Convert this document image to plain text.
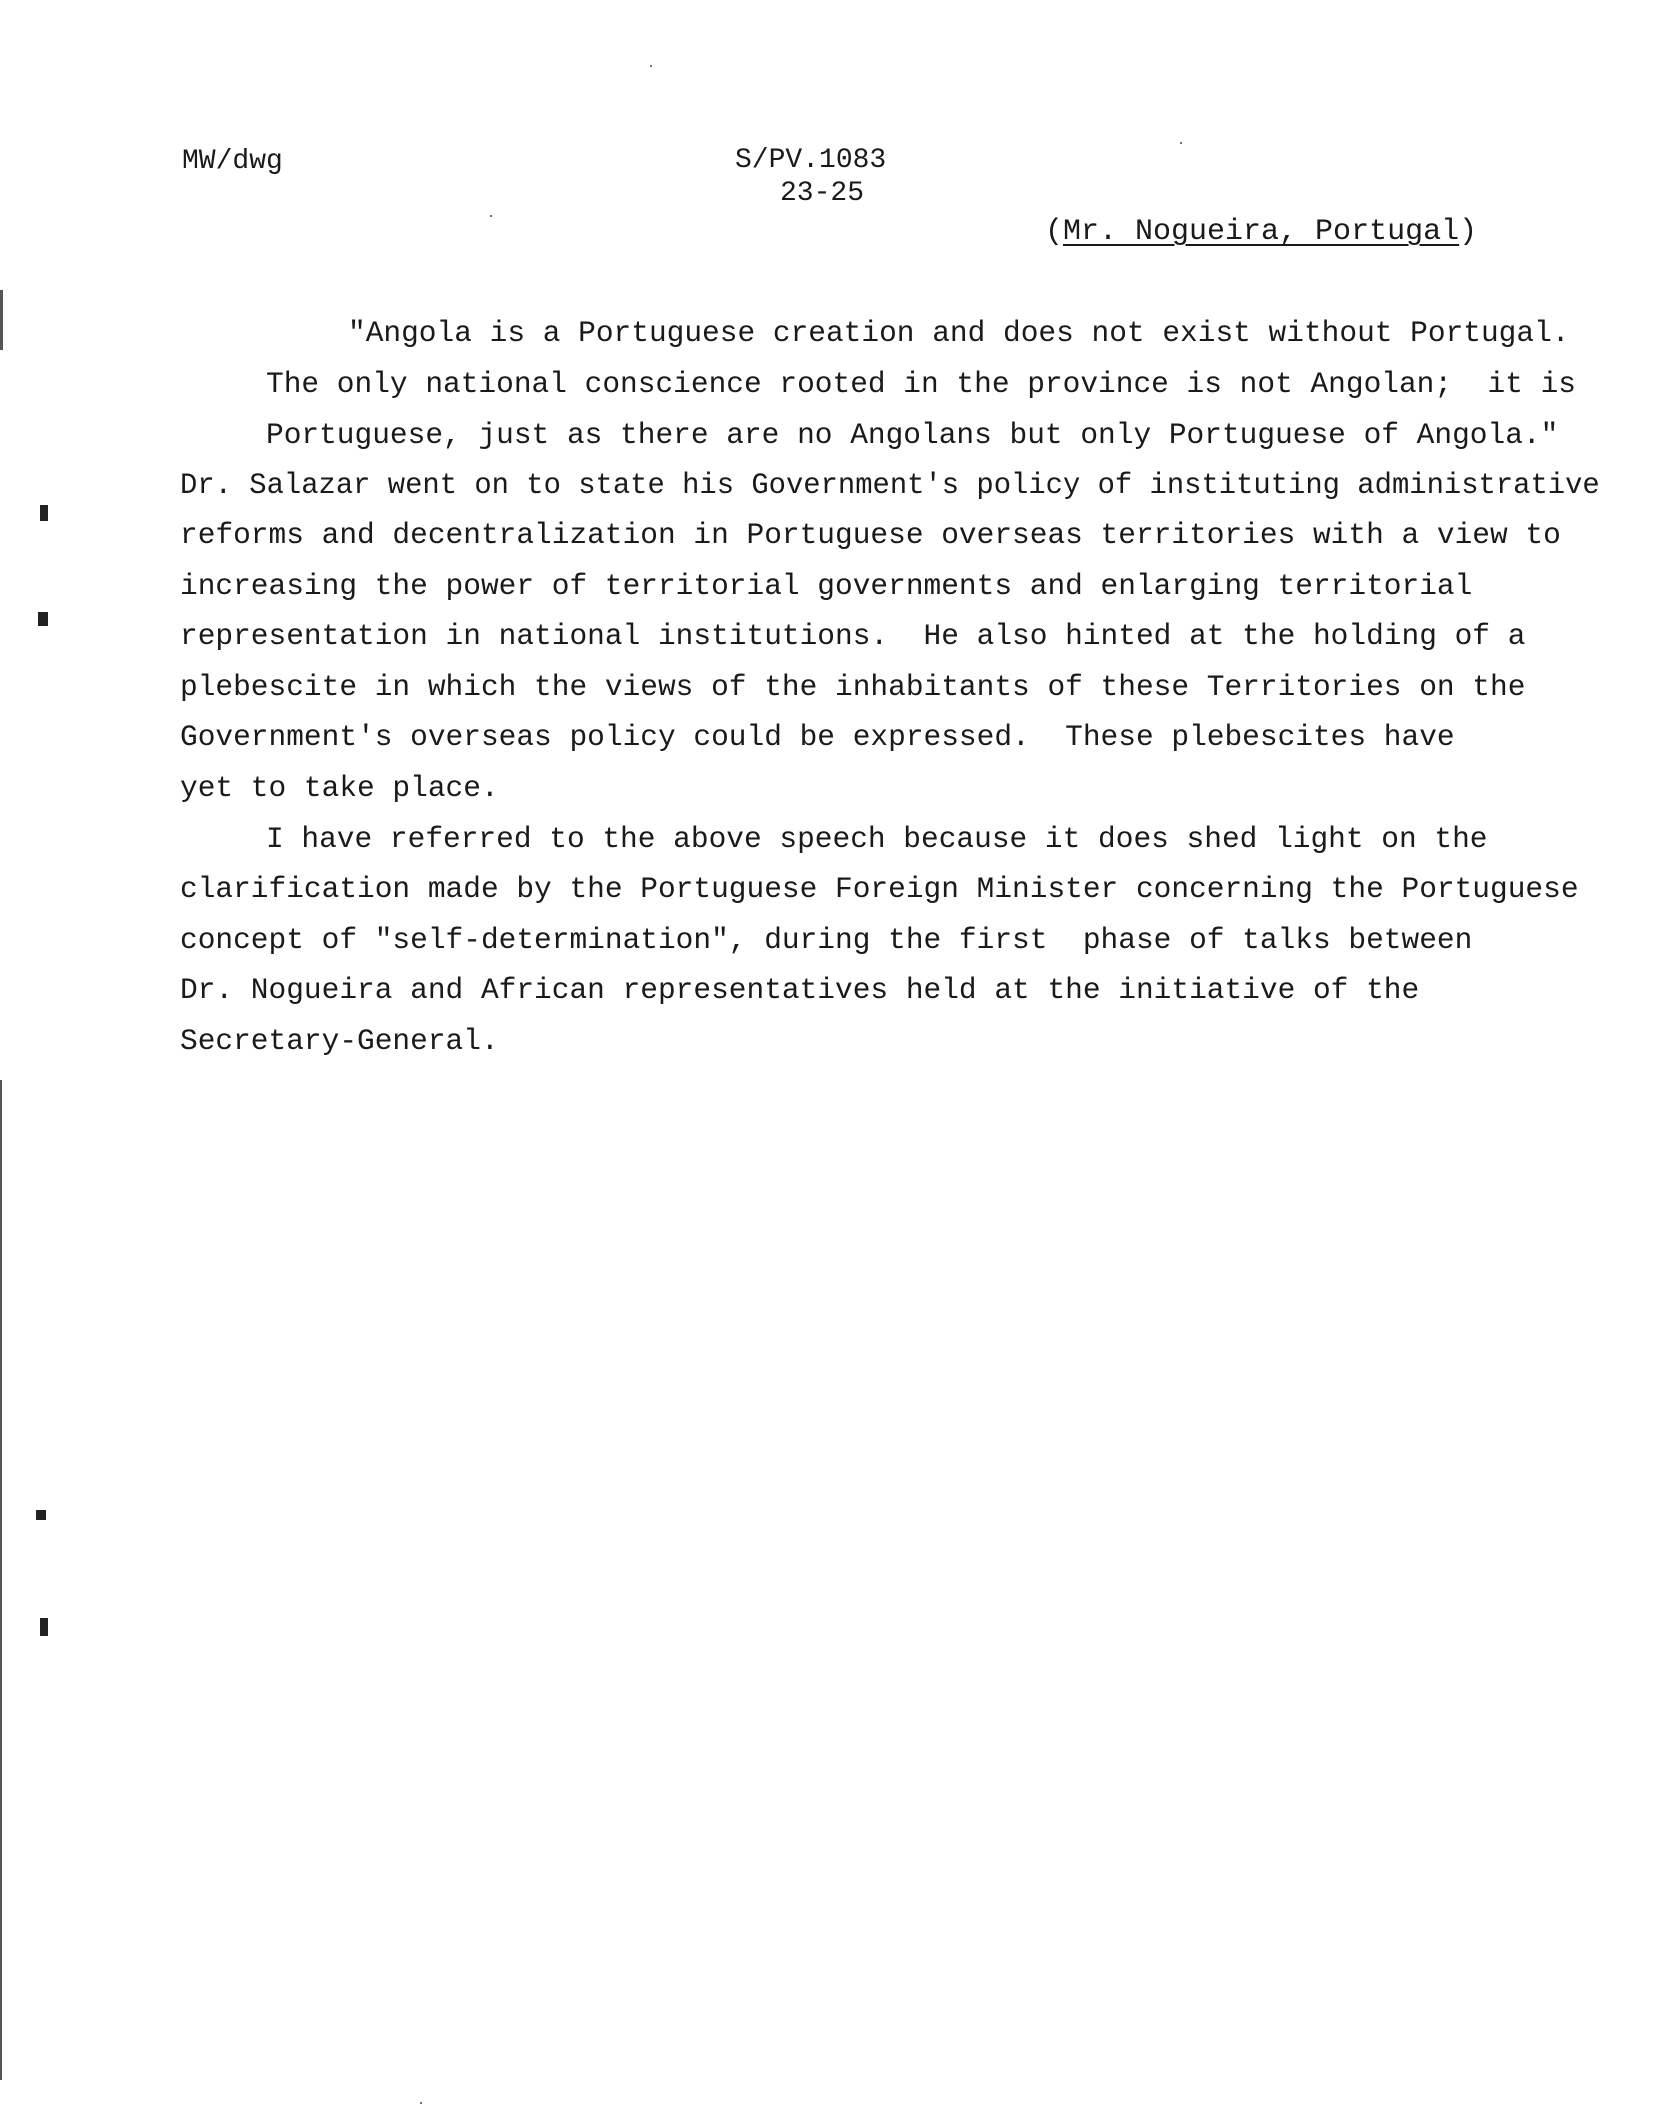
MW/dwg	S/PV.1083
23-25
(Mr. Nogueira, Portugal)
"Angola is a Portuguese creation and does not exist without Portugal.
The only national conscience rooted in the province is not Angolan;  it is
Portuguese, just as there are no Angolans but only Portuguese of Angola."
Dr. Salazar went on to state his Government's policy of instituting administrative
reforms and decentralization in Portuguese overseas territories with a view to
increasing the power of territorial governments and enlarging territorial
representation in national institutions.  He also hinted at the holding of a
plebescite in which the views of the inhabitants of these Territories on the
Government's overseas policy could be expressed.  These plebescites have
yet to take place.
I have referred to the above speech because it does shed light on the
clarification made by the Portuguese Foreign Minister concerning the Portuguese
concept of "self-determination", during the first  phase of talks between
Dr. Nogueira and African representatives held at the initiative of the
Secretary-General.
